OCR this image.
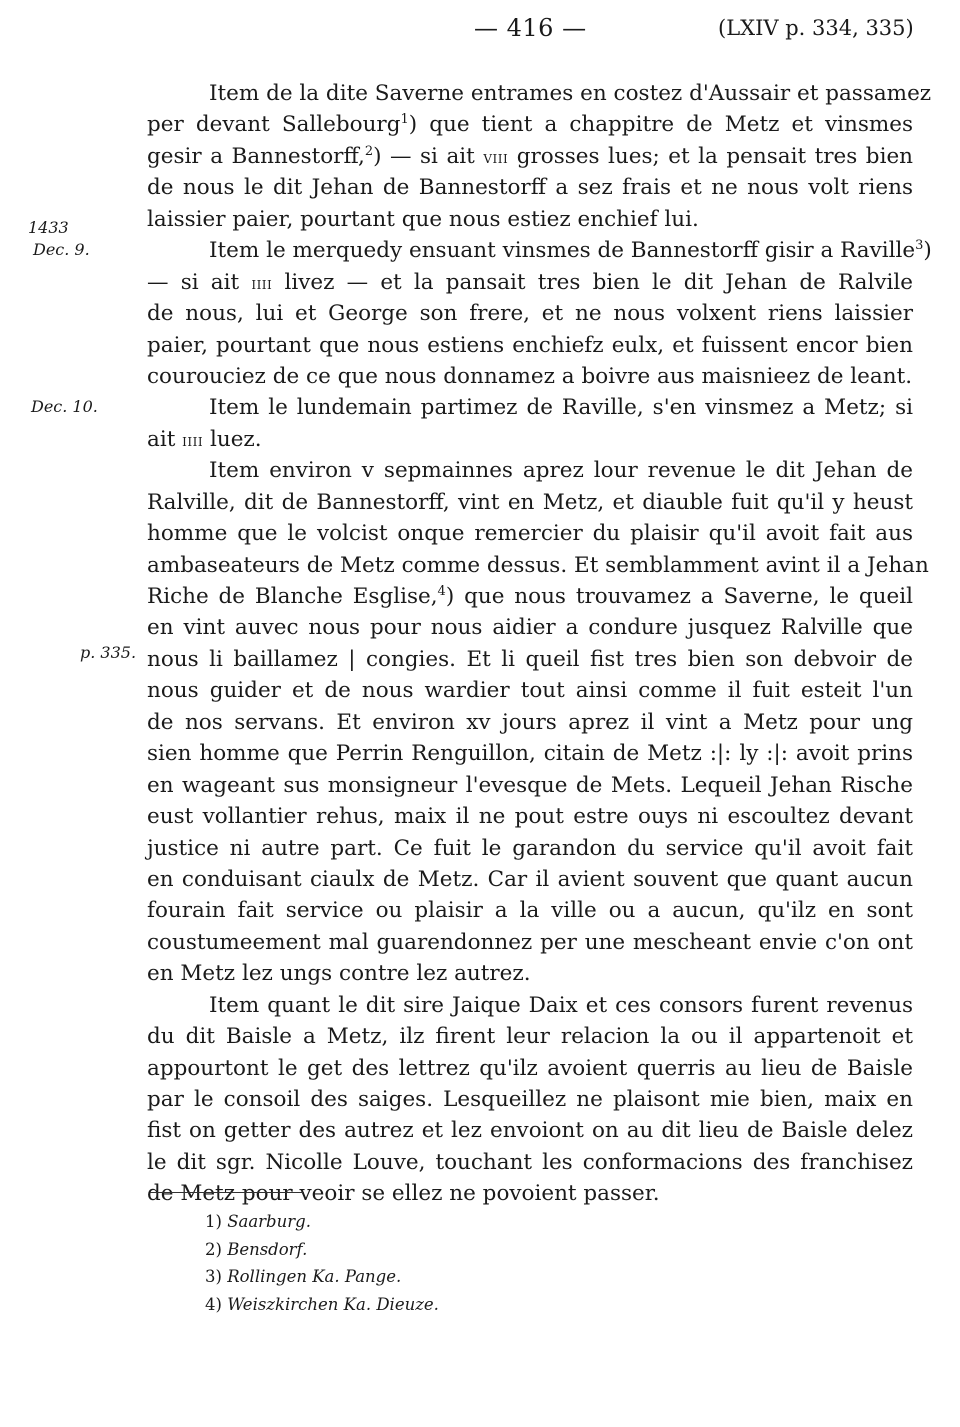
— 416 —	(LXIV p. 334, 335)
1433
Dec. 9.
Dec. 10.
p. 335.
Item de la dite Saverne entrames en costez d'Aussair et passamez
per devant Sallebourg$^1$) que tient a chappitre de Metz et vinsmes
gesir a Bannestorff,$^2$) — si ait viii grosses lues; et la pensait tres bien
de nous le dit Jehan de Bannestorff a sez frais et ne nous volt riens
laissier paier, pourtant que nous estiez enchief lui.
Item le merquedy ensuant vinsmes de Bannestorff gisir a Raville$^3$)
— si ait iiii livez — et la pansait tres bien le dit Jehan de Ralvile
de nous, lui et George son frere, et ne nous volxent riens laissier
paier, pourtant que nous estiens enchiefz eulx, et fuissent encor bien
courouciez de ce que nous donnamez a boivre aus maisnieez de leant.
Item le lundemain partimez de Raville, s'en vinsmez a Metz; si
ait iiii luez.
Item environ v sepmainnes aprez lour revenue le dit Jehan de
Ralville, dit de Bannestorff, vint en Metz, et diauble fuit qu'il y heust
homme que le volcist onque remercier du plaisir qu'il avoit fait aus
ambaseateurs de Metz comme dessus. Et semblamment avint il a Jehan
Riche de Blanche Esglise,$^4$) que nous trouvamez a Saverne, le queil
en vint auvec nous pour nous aidier a condure jusquez Ralville que
nous li baillamez | congies. Et li queil fist tres bien son debvoir de
nous guider et de nous wardier tout ainsi comme il fuit esteit l'un
de nos servans. Et environ xv jours aprez il vint a Metz pour ung
sien homme que Perrin Renguillon, citain de Metz :|: ly :|: avoit prins
en wageant sus monsigneur l'evesque de Mets. Lequeil Jehan Rische
eust vollantier rehus, maix il ne pout estre ouys ni escoultez devant
justice ni autre part. Ce fuit le garandon du service qu'il avoit fait
en conduisant ciaulx de Metz. Car il avient souvent que quant aucun
fourain fait service ou plaisir a la ville ou a aucun, qu'ilz en sont
coustumeement mal guarendonnez per une mescheant envie c'on ont
en Metz lez ungs contre lez autrez.
Item quant le dit sire Jaique Daix et ces consors furent revenus
du dit Baisle a Metz, ilz firent leur relacion la ou il appartenoit et
appourtont le get des lettrez qu'ilz avoient querris au lieu de Baisle
par le consoil des saiges. Lesqueillez ne plaisont mie bien, maix en
fist on getter des autrez et lez envoiont on au dit lieu de Baisle delez
le dit sgr. Nicolle Louve, touchant les conformacions des franchisez
de Metz pour veoir se ellez ne povoient passer.
1) Saarburg.
2) Bensdorf.
3) Rollingen Ka. Pange.
4) Weiszkirchen Ka. Dieuze.
